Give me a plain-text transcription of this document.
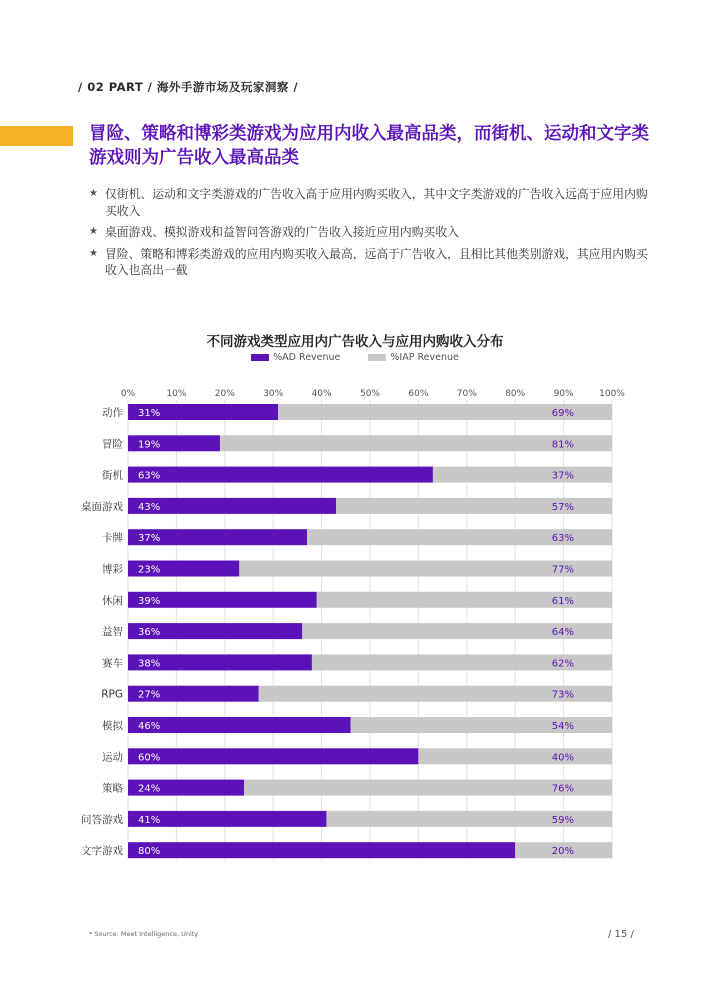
/ 02 PART / 海外手游市场及玩家洞察 /
冒险、策略和博彩类游戏为应用内收入最高品类，而街机、运动和文字类游戏则为广告收入最高品类
★ 仅街机、运动和文字类游戏的广告收入高于应用内购买收入，其中文字类游戏的广告收入远高于应用内购买收入
★ 桌面游戏、模拟游戏和益智问答游戏的广告收入接近应用内购买收入
★ 冒险、策略和博彩类游戏的应用内购买收入最高，远高于广告收入，且相比其他类别游戏，其应用内购买收入也高出一截
不同游戏类型应用内广告收入与应用内购收入分布
%AD Revenue	%IAP Revenue
0%	10%	20%	30%	40%	50%	60%	70%	80%	90%	100%
动作 31%	69%
冒险 19%	81%
街机 63%	37%
桌面游戏 43%	57%
卡牌 37%	63%
博彩 23%	77%
休闲 39%	61%
益智 36%	64%
赛车 38%	62%
RPG 27%	73%
模拟 46%	54%
运动 60%	40%
策略 24%	76%
问答游戏 41%	59%
文字游戏 80%	20%
* Source: Meet Intelligence, Unity	/ 15 /
